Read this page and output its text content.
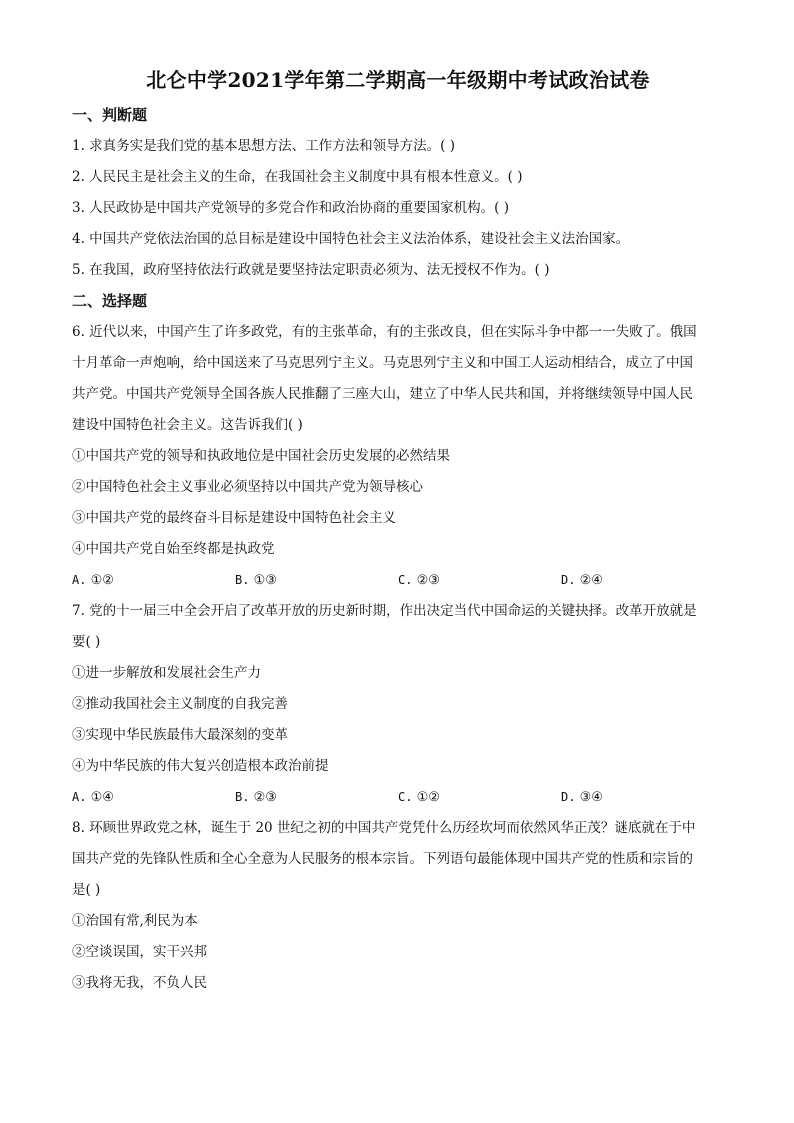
北仑中学2021学年第二学期高一年级期中考试政治试卷
一、判断题
1. 求真务实是我们党的基本思想方法、工作方法和领导方法。( )
2. 人民民主是社会主义的生命，在我国社会主义制度中具有根本性意义。( )
3. 人民政协是中国共产党领导的多党合作和政治协商的重要国家机构。( )
4. 中国共产党依法治国的总目标是建设中国特色社会主义法治体系，建设社会主义法治国家。
5. 在我国，政府坚持依法行政就是要坚持法定职责必须为、法无授权不作为。( )
二、选择题
6. 近代以来，中国产生了许多政党，有的主张革命，有的主张改良，但在实际斗争中都一一失败了。俄国
十月革命一声炮响，给中国送来了马克思列宁主义。马克思列宁主义和中国工人运动相结合，成立了中国
共产党。中国共产党领导全国各族人民推翻了三座大山，建立了中华人民共和国，并将继续领导中国人民
建设中国特色社会主义。这告诉我们( )
①中国共产党的领导和执政地位是中国社会历史发展的必然结果
②中国特色社会主义事业必须坚持以中国共产党为领导核心
③中国共产党的最终奋斗目标是建设中国特色社会主义
④中国共产党自始至终都是执政党
A. ①②	B. ①③	C. ②③	D. ②④
7. 党的十一届三中全会开启了改革开放的历史新时期，作出决定当代中国命运的关键抉择。改革开放就是
要( )
①进一步解放和发展社会生产力
②推动我国社会主义制度的自我完善
③实现中华民族最伟大最深刻的变革
④为中华民族的伟大复兴创造根本政治前提
A. ①④	B. ②③	C. ①②	D. ③④
8. 环顾世界政党之林，诞生于 20 世纪之初的中国共产党凭什么历经坎坷而依然风华正茂？谜底就在于中
国共产党的先锋队性质和全心全意为人民服务的根本宗旨。下列语句最能体现中国共产党的性质和宗旨的
是( )
①治国有常,利民为本
②空谈误国，实干兴邦
③我将无我，不负人民
